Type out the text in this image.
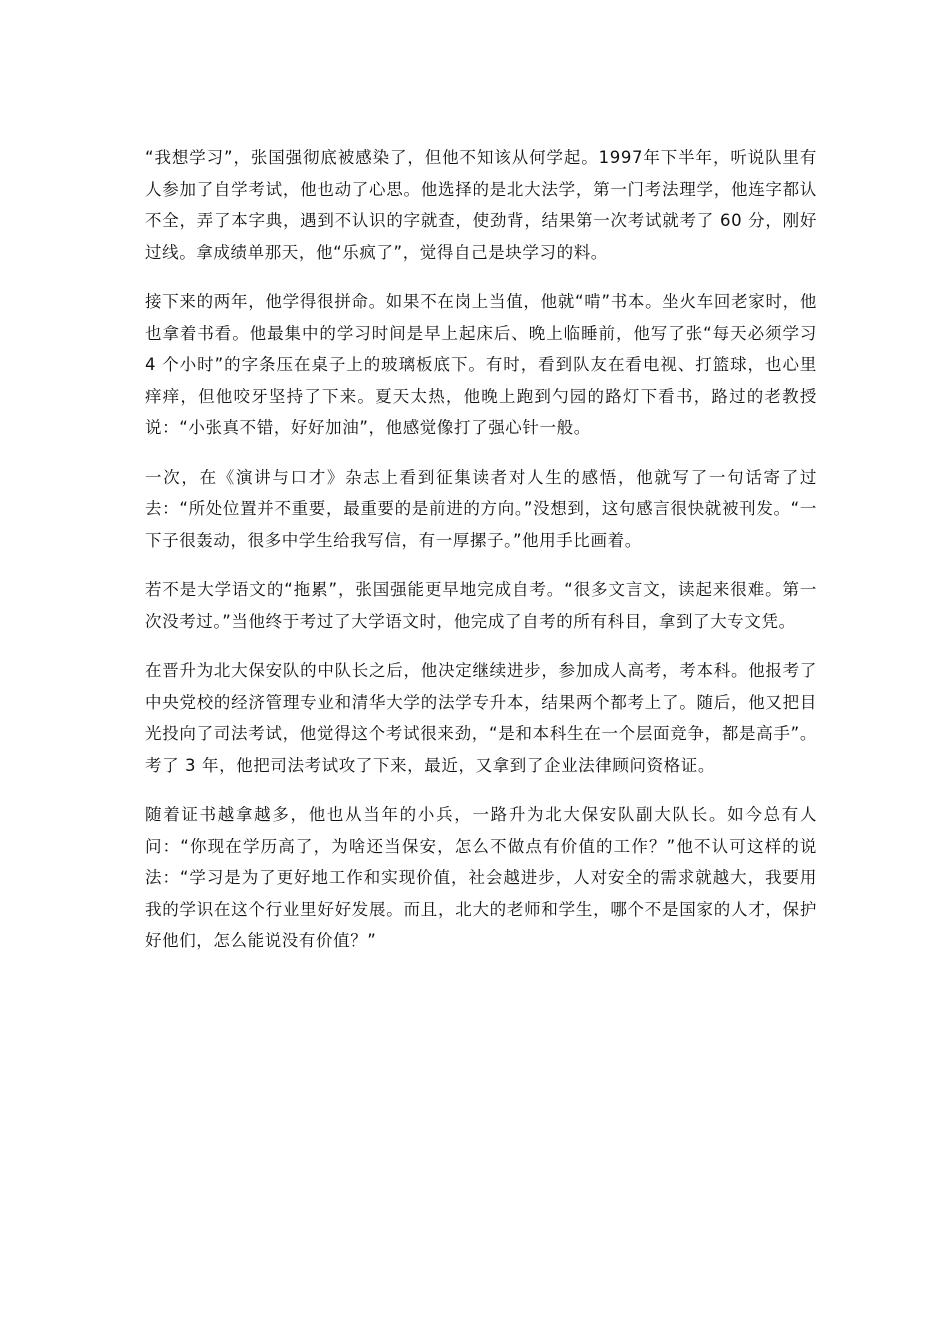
“我想学习”，张国强彻底被感染了，但他不知该从何学起。1997年下半年，听说队里有人参加了自学考试，他也动了心思。他选择的是北大法学，第一门考法理学，他连字都认不全，弄了本字典，遇到不认识的字就查，使劲背，结果第一次考试就考了 60 分，刚好过线。拿成绩单那天，他“乐疯了”，觉得自己是块学习的料。

接下来的两年，他学得很拼命。如果不在岗上当值，他就“啃”书本。坐火车回老家时，他也拿着书看。他最集中的学习时间是早上起床后、晚上临睡前，他写了张“每天必须学习 4 个小时”的字条压在桌子上的玻璃板底下。有时，看到队友在看电视、打篮球，也心里痒痒，但他咬牙坚持了下来。夏天太热，他晚上跑到勺园的路灯下看书，路过的老教授说：“小张真不错，好好加油”，他感觉像打了强心针一般。

一次，在《演讲与口才》杂志上看到征集读者对人生的感悟，他就写了一句话寄了过去：“所处位置并不重要，最重要的是前进的方向。”没想到，这句感言很快就被刊发。“一下子很轰动，很多中学生给我写信，有一厚摞子。”他用手比画着。

若不是大学语文的“拖累”，张国强能更早地完成自考。“很多文言文，读起来很难。第一次没考过。”当他终于考过了大学语文时，他完成了自考的所有科目，拿到了大专文凭。

在晋升为北大保安队的中队长之后，他决定继续进步，参加成人高考，考本科。他报考了中央党校的经济管理专业和清华大学的法学专升本，结果两个都考上了。随后，他又把目光投向了司法考试，他觉得这个考试很来劲，“是和本科生在一个层面竞争，都是高手”。考了 3 年，他把司法考试攻了下来，最近，又拿到了企业法律顾问资格证。

随着证书越拿越多，他也从当年的小兵，一路升为北大保安队副大队长。如今总有人问：“你现在学历高了，为啥还当保安，怎么不做点有价值的工作？”他不认可这样的说法：“学习是为了更好地工作和实现价值，社会越进步，人对安全的需求就越大，我要用我的学识在这个行业里好好发展。而且，北大的老师和学生，哪个不是国家的人才，保护好他们，怎么能说没有价值？”
